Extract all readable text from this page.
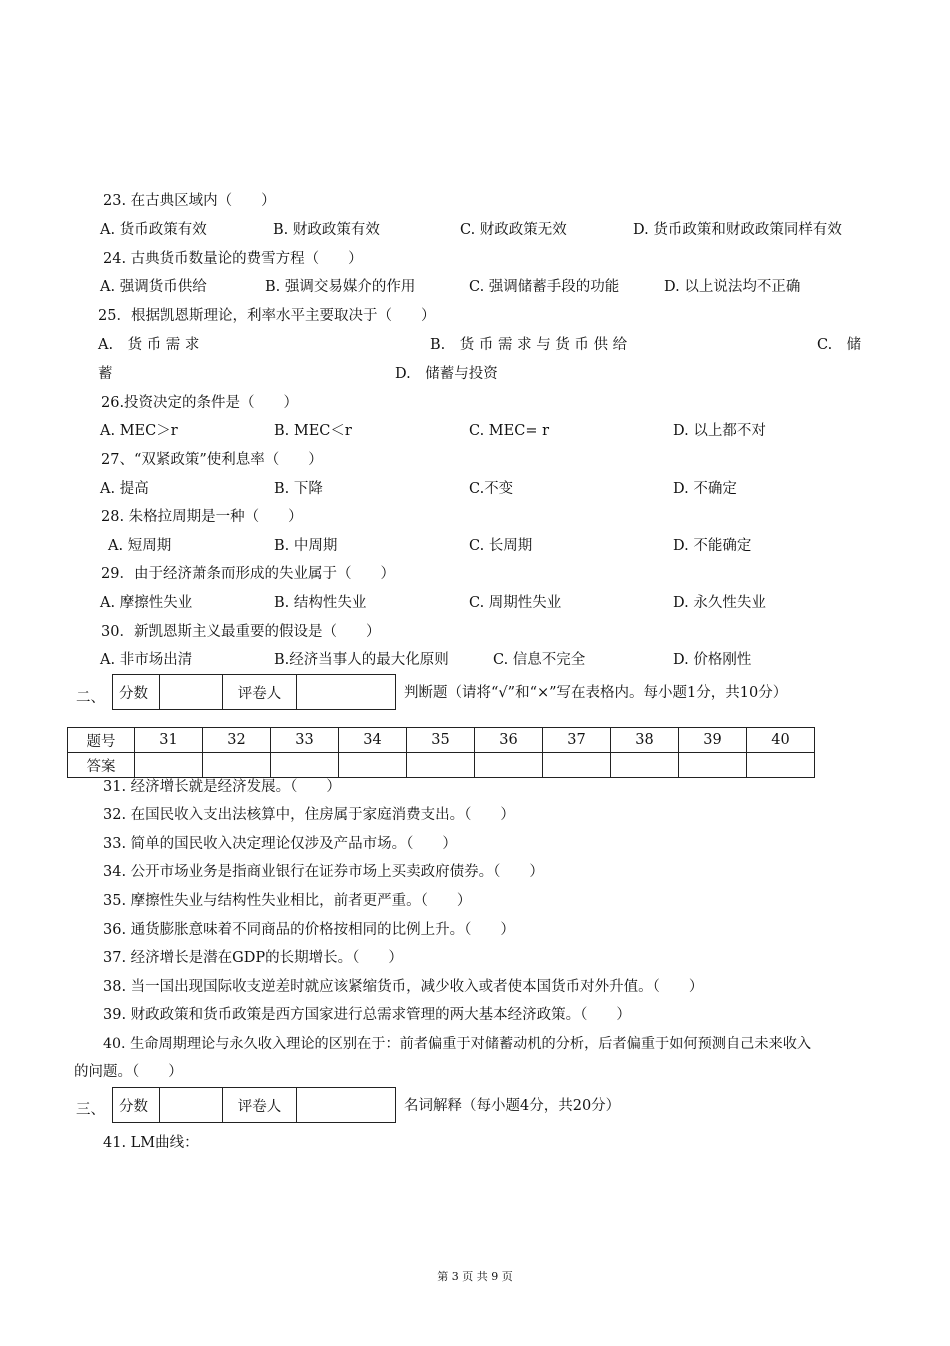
23. 在古典区域内（　　）
A. 货币政策有效	B. 财政政策有效	C. 财政政策无效	D. 货币政策和财政政策同样有效
24. 古典货币数量论的费雪方程（　　）
A. 强调货币供给	B. 强调交易媒介的作用	C. 强调储蓄手段的功能	D. 以上说法均不正确
25．根据凯恩斯理论，利率水平主要取决于（　　）
A.　货 币 需 求	B.　货 币 需 求 与 货 币 供 给	C.　储
蓄	D.　储蓄与投资
26.投资决定的条件是（　　）
A. MEC＞r	B. MEC＜r	C. MEC= r	D. 以上都不对
27、“双紧政策”使利息率（　　）
A. 提高	B. 下降	C.不变	D. 不确定
28. 朱格拉周期是一种（　　）
A. 短周期	B. 中周期	C. 长周期	D. 不能确定
29．由于经济萧条而形成的失业属于（　　）
A. 摩擦性失业	B. 结构性失业	C. 周期性失业	D. 永久性失业
30．新凯恩斯主义最重要的假设是（　　）
A. 非市场出清	B.经济当事人的最大化原则	C. 信息不完全	D. 价格刚性
二、 分数		评卷人		判断题（请将“√”和“×”写在表格内。每小题1分，共10分）
题号	31	32	33	34	35	36	37	38	39	40
答案										
31. 经济增长就是经济发展。（　　）
32. 在国民收入支出法核算中，住房属于家庭消费支出。（　　）
33. 简单的国民收入决定理论仅涉及产品市场。（　　）
34. 公开市场业务是指商业银行在证券市场上买卖政府债券。（　　）
35. 摩擦性失业与结构性失业相比，前者更严重。（　　）
36. 通货膨胀意味着不同商品的价格按相同的比例上升。（　　）
37. 经济增长是潜在GDP的长期增长。（　　）
38. 当一国出现国际收支逆差时就应该紧缩货币，减少收入或者使本国货币对外升值。（　　）
39. 财政政策和货币政策是西方国家进行总需求管理的两大基本经济政策。（　　）
40. 生命周期理论与永久收入理论的区别在于：前者偏重于对储蓄动机的分析，后者偏重于如何预测自己未来收入
的问题。（　　）
三、 分数		评卷人		名词解释（每小题4分，共20分）
41. LM曲线：
第 3 页 共 9 页
